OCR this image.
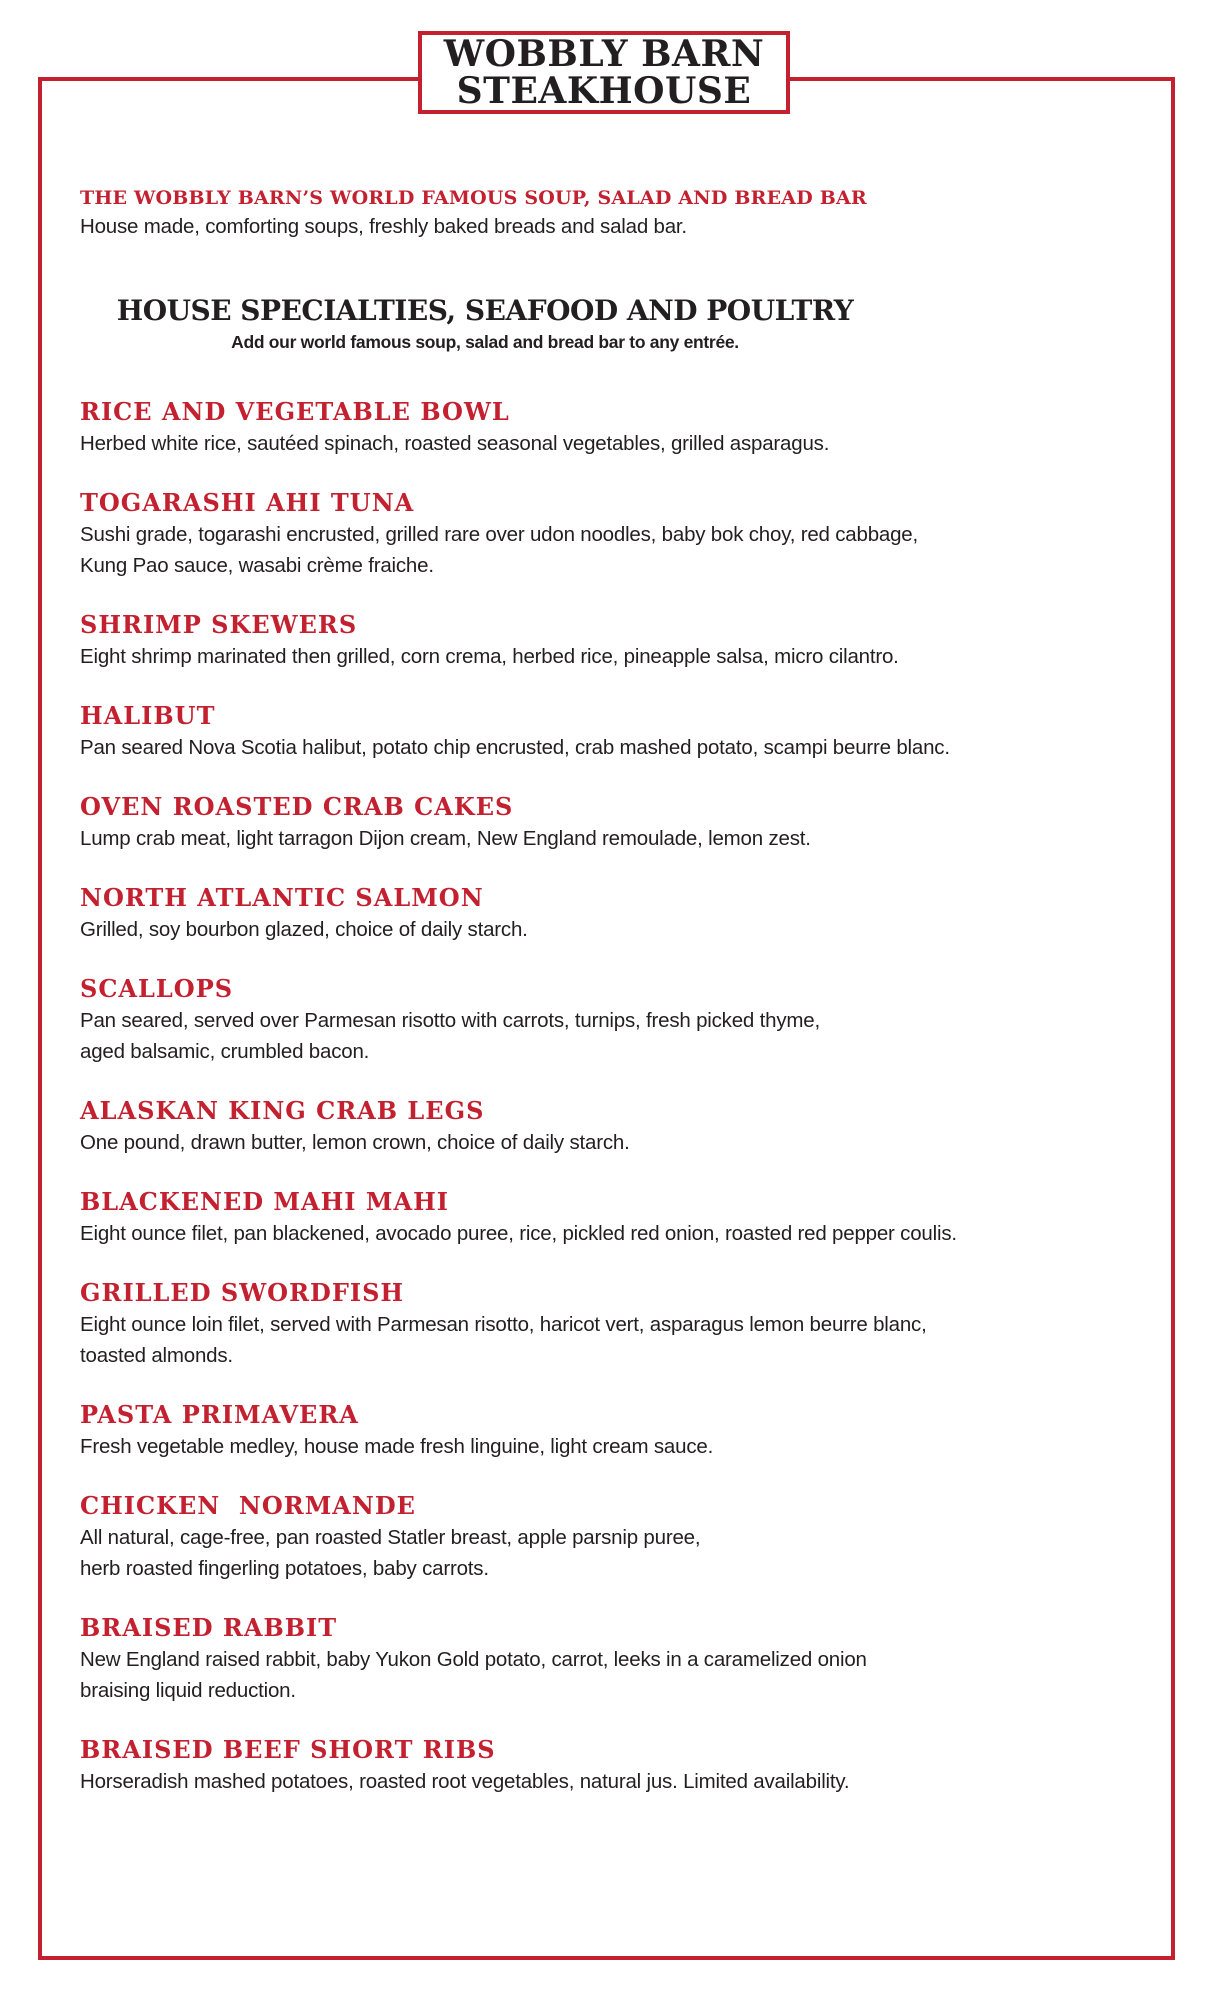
WOBBLY BARN
STEAKHOUSE
THE WOBBLY BARN’S WORLD FAMOUS SOUP, SALAD AND BREAD BAR
House made, comforting soups, freshly baked breads and salad bar.
HOUSE SPECIALTIES, SEAFOOD AND POULTRY
Add our world famous soup, salad and bread bar to any entrée.
RICE AND VEGETABLE BOWL
Herbed white rice, sautéed spinach, roasted seasonal vegetables, grilled asparagus.
TOGARASHI AHI TUNA
Sushi grade, togarashi encrusted, grilled rare over udon noodles, baby bok choy, red cabbage,
Kung Pao sauce, wasabi crème fraiche.
SHRIMP SKEWERS
Eight shrimp marinated then grilled, corn crema, herbed rice, pineapple salsa, micro cilantro.
HALIBUT
Pan seared Nova Scotia halibut, potato chip encrusted, crab mashed potato, scampi beurre blanc.
OVEN ROASTED CRAB CAKES
Lump crab meat, light tarragon Dijon cream, New England remoulade, lemon zest.
NORTH ATLANTIC SALMON
Grilled, soy bourbon glazed, choice of daily starch.
SCALLOPS
Pan seared, served over Parmesan risotto with carrots, turnips, fresh picked thyme,
aged balsamic, crumbled bacon.
ALASKAN KING CRAB LEGS
One pound, drawn butter, lemon crown, choice of daily starch.
BLACKENED MAHI MAHI
Eight ounce filet, pan blackened, avocado puree, rice, pickled red onion, roasted red pepper coulis.
GRILLED SWORDFISH
Eight ounce loin filet, served with Parmesan risotto, haricot vert, asparagus lemon beurre blanc,
toasted almonds.
PASTA PRIMAVERA
Fresh vegetable medley, house made fresh linguine, light cream sauce.
CHICKEN  NORMANDE
All natural, cage-free, pan roasted Statler breast, apple parsnip puree,
herb roasted fingerling potatoes, baby carrots.
BRAISED RABBIT
New England raised rabbit, baby Yukon Gold potato, carrot, leeks in a caramelized onion
braising liquid reduction.
BRAISED BEEF SHORT RIBS
Horseradish mashed potatoes, roasted root vegetables, natural jus. Limited availability.
